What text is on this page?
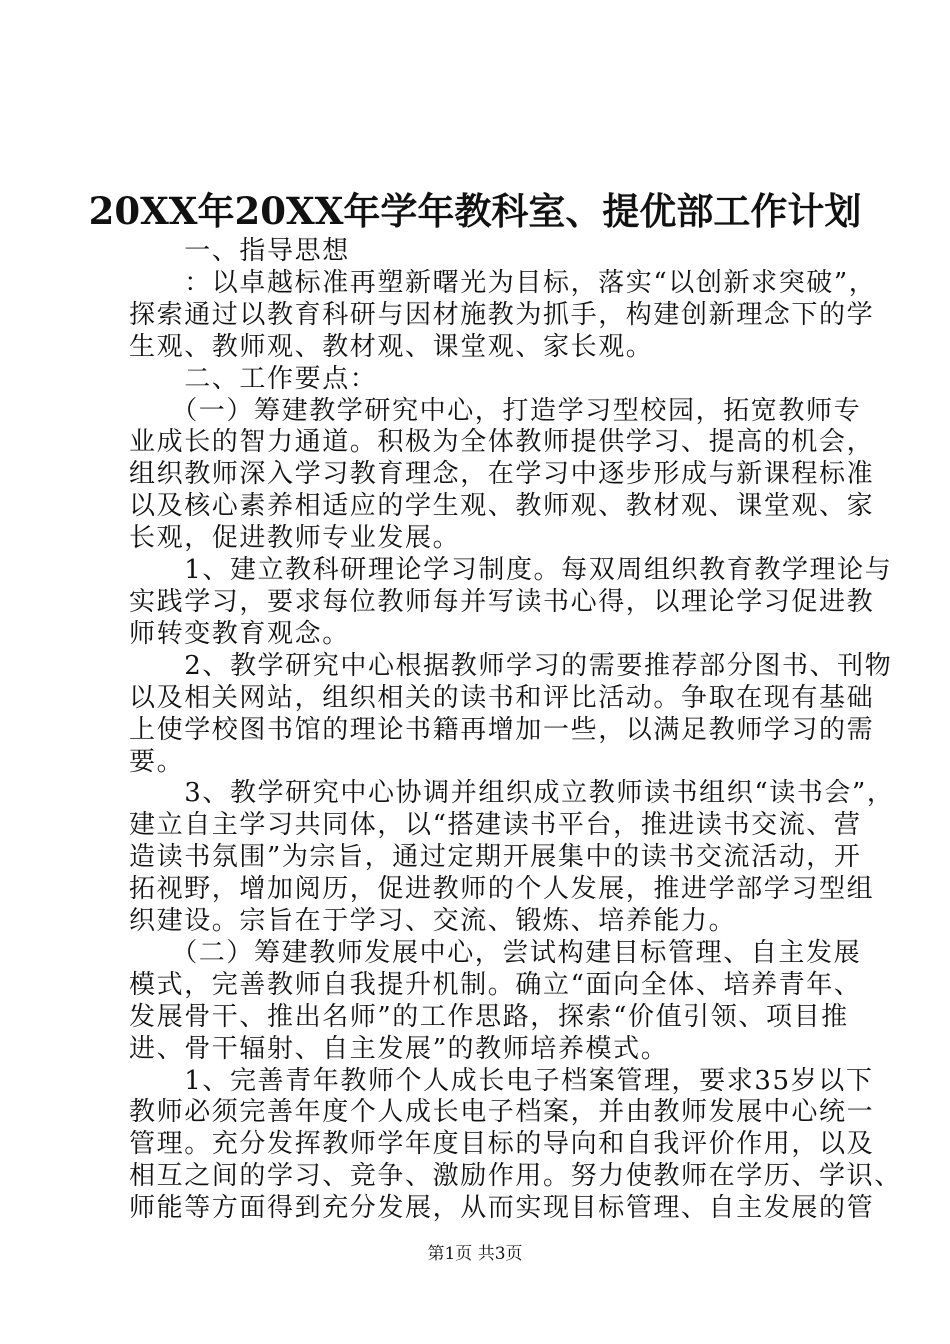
20XX年20XX年学年教科室、提优部工作计划
　　一、指导思想
　　：以卓越标准再塑新曙光为目标，落实“以创新求突破”，
探索通过以教育科研与因材施教为抓手，构建创新理念下的学
生观、教师观、教材观、课堂观、家长观。
　　二、工作要点：
　　（一）筹建教学研究中心，打造学习型校园，拓宽教师专
业成长的智力通道。积极为全体教师提供学习、提高的机会，
组织教师深入学习教育理念，在学习中逐步形成与新课程标准
以及核心素养相适应的学生观、教师观、教材观、课堂观、家
长观，促进教师专业发展。
　　1、建立教科研理论学习制度。每双周组织教育教学理论与
实践学习，要求每位教师每并写读书心得，以理论学习促进教
师转变教育观念。
　　2、教学研究中心根据教师学习的需要推荐部分图书、刊物
以及相关网站，组织相关的读书和评比活动。争取在现有基础
上使学校图书馆的理论书籍再增加一些，以满足教师学习的需
要。
　　3、教学研究中心协调并组织成立教师读书组织“读书会”，
建立自主学习共同体，以“搭建读书平台，推进读书交流、营
造读书氛围”为宗旨，通过定期开展集中的读书交流活动，开
拓视野，增加阅历，促进教师的个人发展，推进学部学习型组
织建设。宗旨在于学习、交流、锻炼、培养能力。
　　（二）筹建教师发展中心，尝试构建目标管理、自主发展
模式，完善教师自我提升机制。确立“面向全体、培养青年、
发展骨干、推出名师”的工作思路，探索“价值引领、项目推
进、骨干辐射、自主发展”的教师培养模式。
　　1、完善青年教师个人成长电子档案管理，要求35岁以下
教师必须完善年度个人成长电子档案，并由教师发展中心统一
管理。充分发挥教师学年度目标的导向和自我评价作用，以及
相互之间的学习、竞争、激励作用。努力使教师在学历、学识、
师能等方面得到充分发展，从而实现目标管理、自主发展的管
第1页 共3页
